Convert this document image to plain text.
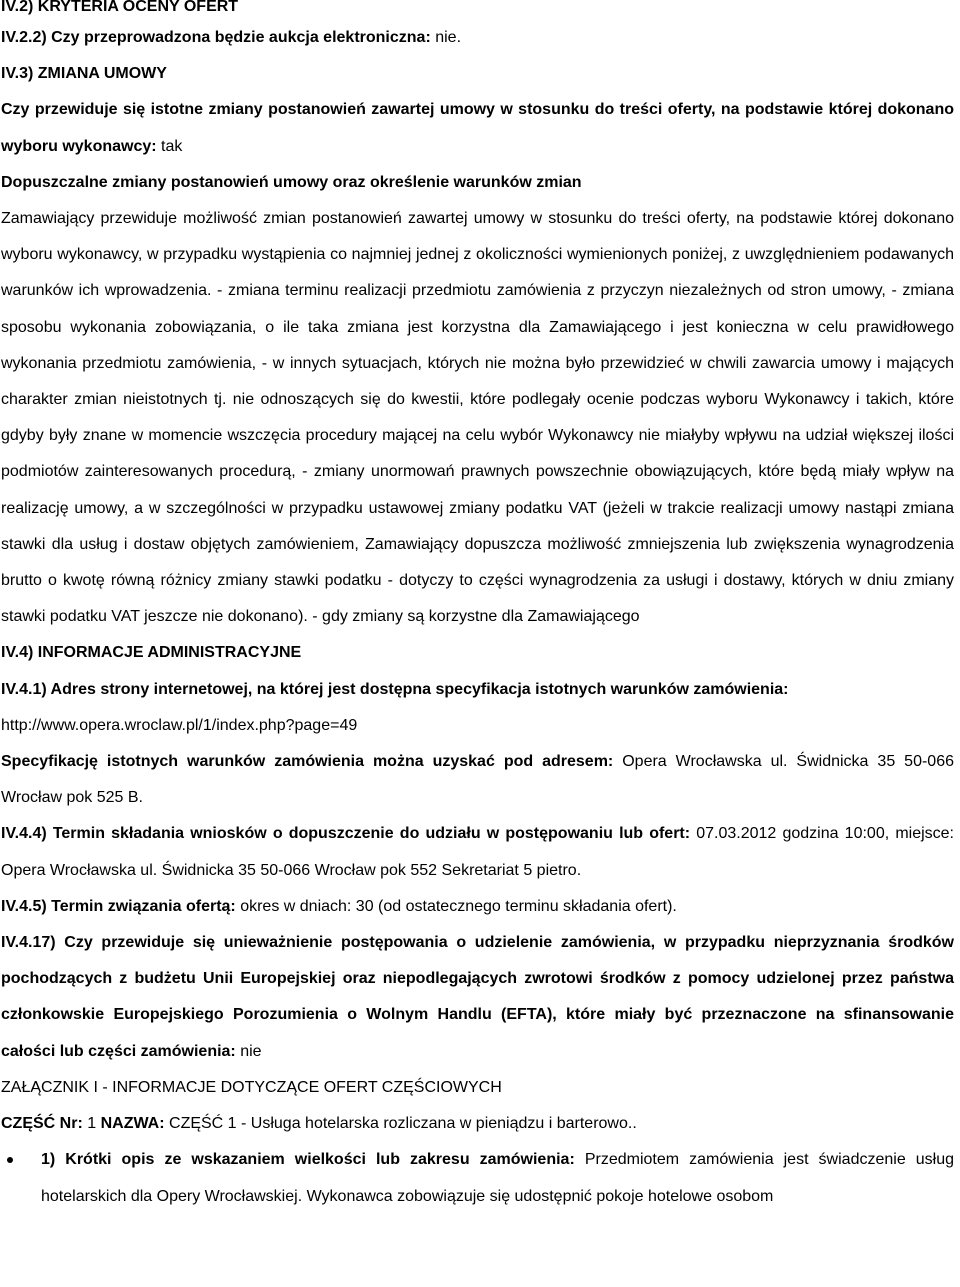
IV.2) KRYTERIA OCENY OFERT

IV.2.2) Czy przeprowadzona będzie aukcja elektroniczna: nie.

IV.3) ZMIANA UMOWY

Czy przewiduje się istotne zmiany postanowień zawartej umowy w stosunku do treści oferty, na podstawie której dokonano wyboru wykonawcy: tak

Dopuszczalne zmiany postanowień umowy oraz określenie warunków zmian

Zamawiający przewiduje możliwość zmian postanowień zawartej umowy w stosunku do treści oferty, na podstawie której dokonano wyboru wykonawcy, w przypadku wystąpienia co najmniej jednej z okoliczności wymienionych poniżej, z uwzględnieniem podawanych warunków ich wprowadzenia. - zmiana terminu realizacji przedmiotu zamówienia z przyczyn niezależnych od stron umowy, - zmiana sposobu wykonania zobowiązania, o ile taka zmiana jest korzystna dla Zamawiającego i jest konieczna w celu prawidłowego wykonania przedmiotu zamówienia, - w innych sytuacjach, których nie można było przewidzieć w chwili zawarcia umowy i mających charakter zmian nieistotnych tj. nie odnoszących się do kwestii, które podlegały ocenie podczas wyboru Wykonawcy i takich, które gdyby były znane w momencie wszczęcia procedury mającej na celu wybór Wykonawcy nie miałyby wpływu na udział większej ilości podmiotów zainteresowanych procedurą, - zmiany unormowań prawnych powszechnie obowiązujących, które będą miały wpływ na realizację umowy, a w szczególności w przypadku ustawowej zmiany podatku VAT (jeżeli w trakcie realizacji umowy nastąpi zmiana stawki dla usług i dostaw objętych zamówieniem, Zamawiający dopuszcza możliwość zmniejszenia lub zwiększenia wynagrodzenia brutto o kwotę równą różnicy zmiany stawki podatku - dotyczy to części wynagrodzenia za usługi i dostawy, których w dniu zmiany stawki podatku VAT jeszcze nie dokonano). - gdy zmiany są korzystne dla Zamawiającego

IV.4) INFORMACJE ADMINISTRACYJNE

IV.4.1) Adres strony internetowej, na której jest dostępna specyfikacja istotnych warunków zamówienia:
http://www.opera.wroclaw.pl/1/index.php?page=49

Specyfikację istotnych warunków zamówienia można uzyskać pod adresem: Opera Wrocławska ul. Świdnicka 35 50-066 Wrocław pok 525 B.

IV.4.4) Termin składania wniosków o dopuszczenie do udziału w postępowaniu lub ofert: 07.03.2012 godzina 10:00, miejsce: Opera Wrocławska ul. Świdnicka 35 50-066 Wrocław pok 552 Sekretariat 5 pietro.

IV.4.5) Termin związania ofertą: okres w dniach: 30 (od ostatecznego terminu składania ofert).

IV.4.17) Czy przewiduje się unieważnienie postępowania o udzielenie zamówienia, w przypadku nieprzyznania środków pochodzących z budżetu Unii Europejskiej oraz niepodlegających zwrotowi środków z pomocy udzielonej przez państwa członkowskie Europejskiego Porozumienia o Wolnym Handlu (EFTA), które miały być przeznaczone na sfinansowanie całości lub części zamówienia: nie

ZAŁĄCZNIK I - INFORMACJE DOTYCZĄCE OFERT CZĘŚCIOWYCH

CZĘŚĆ Nr: 1 NAZWA: CZĘŚĆ 1 - Usługa hotelarska rozliczana w pieniądzu i barterowo..

1) Krótki opis ze wskazaniem wielkości lub zakresu zamówienia: Przedmiotem zamówienia jest świadczenie usług hotelarskich dla Opery Wrocławskiej. Wykonawca zobowiązuje się udostępnić pokoje hotelowe osobom
